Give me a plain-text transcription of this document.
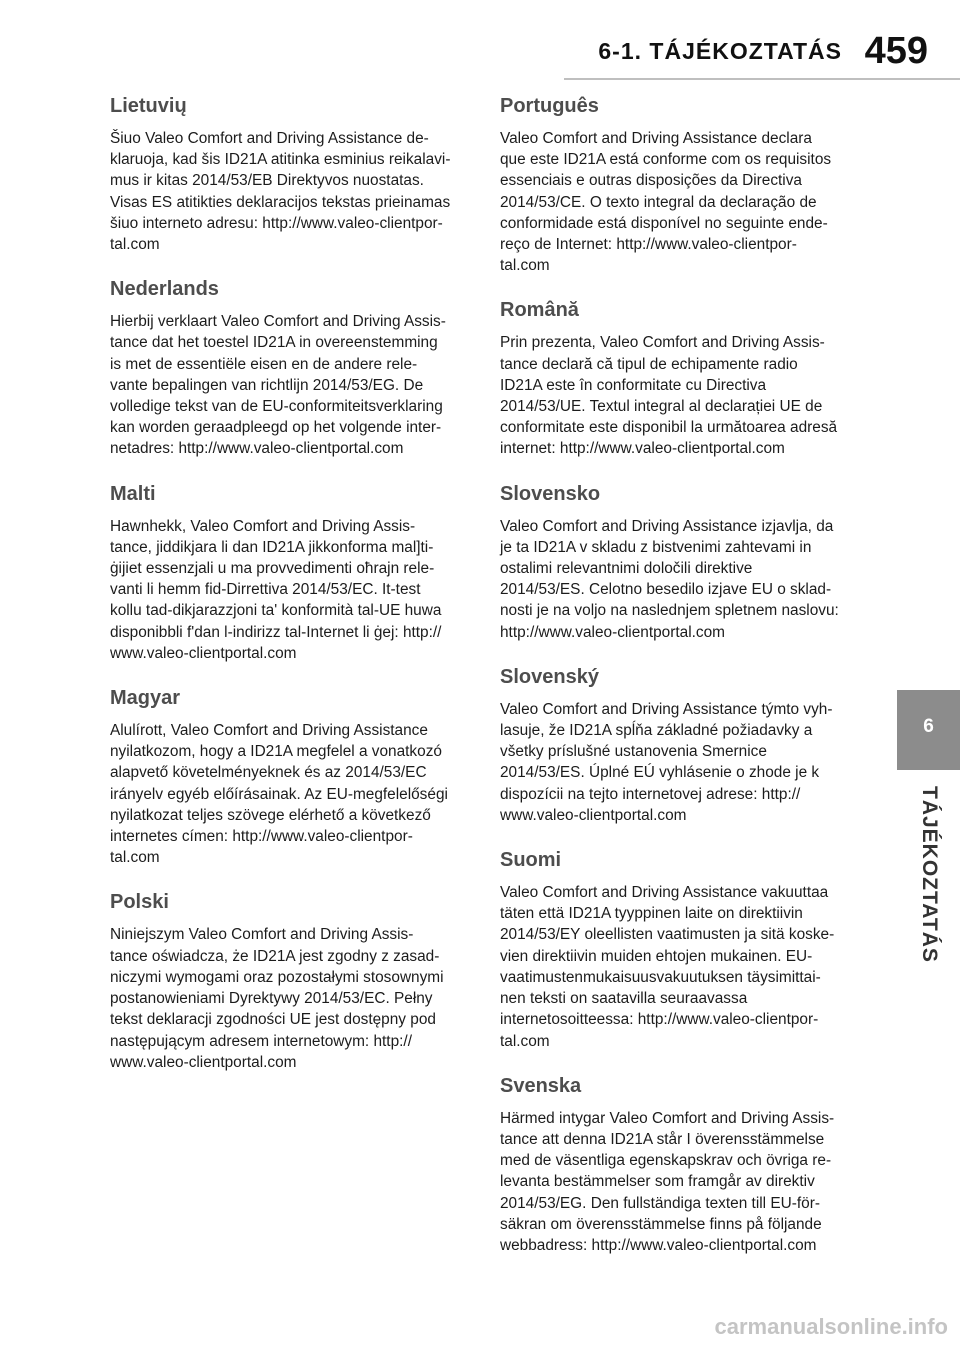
6-1. TÁJÉKOZTATÁS 459
Lietuvių
Šiuo Valeo Comfort and Driving Assistance de-
klaruoja, kad šis ID21A atitinka esminius reikalavi-
mus ir kitas 2014/53/EB Direktyvos nuostatas.
Visas ES atitikties deklaracijos tekstas prieinamas
šiuo interneto adresu: http://www.valeo-clientpor-
tal.com
Nederlands
Hierbij verklaart Valeo Comfort and Driving Assis-
tance dat het toestel ID21A in overeenstemming
is met de essentiële eisen en de andere rele-
vante bepalingen van richtlijn 2014/53/EG. De
volledige tekst van de EU-conformiteitsverklaring
kan worden geraadpleegd op het volgende inter-
netadres: http://www.valeo-clientportal.com
Malti
Hawnhekk, Valeo Comfort and Driving Assis-
tance, jiddikjara li dan ID21A jikkonforma mal]ti-
ġijiet essenzjali u ma provvedimenti oħrajn rele-
vanti li hemm fid-Dirrettiva 2014/53/EC. It-test
kollu tad-dikjarazzjoni ta' konformità tal-UE huwa
disponibbli f'dan l-indirizz tal-Internet li ġej: http://
www.valeo-clientportal.com
Magyar
Alulírott, Valeo Comfort and Driving Assistance
nyilatkozom, hogy a ID21A megfelel a vonatkozó
alapvető követelményeknek és az 2014/53/EC
irányelv egyéb előírásainak. Az EU-megfelelőségi
nyilatkozat teljes szövege elérhető a következő
internetes címen: http://www.valeo-clientpor-
tal.com
Polski
Niniejszym Valeo Comfort and Driving Assis-
tance oświadcza, że ID21A jest zgodny z zasad-
niczymi wymogami oraz pozostałymi stosownymi
postanowieniami Dyrektywy 2014/53/EC. Pełny
tekst deklaracji zgodności UE jest dostępny pod
następującym adresem internetowym: http://
www.valeo-clientportal.com
Português
Valeo Comfort and Driving Assistance declara
que este ID21A está conforme com os requisitos
essenciais e outras disposições da Directiva
2014/53/CE. O texto integral da declaração de
conformidade está disponível no seguinte ende-
reço de Internet: http://www.valeo-clientpor-
tal.com
Română
Prin prezenta, Valeo Comfort and Driving Assis-
tance declară că tipul de echipamente radio
ID21A este în conformitate cu Directiva
2014/53/UE. Textul integral al declarației UE de
conformitate este disponibil la următoarea adresă
internet: http://www.valeo-clientportal.com
Slovensko
Valeo Comfort and Driving Assistance izjavlja, da
je ta ID21A v skladu z bistvenimi zahtevami in
ostalimi relevantnimi določili direktive
2014/53/ES. Celotno besedilo izjave EU o sklad-
nosti je na voljo na naslednjem spletnem naslovu:
http://www.valeo-clientportal.com
Slovenský
Valeo Comfort and Driving Assistance týmto vyh-
lasuje, že ID21A spĺňa základné požiadavky a
všetky príslušné ustanovenia Smernice
2014/53/ES. Úplné EÚ vyhlásenie o zhode je k
dispozícii na tejto internetovej adrese: http://
www.valeo-clientportal.com
Suomi
Valeo Comfort and Driving Assistance vakuuttaa
täten että ID21A tyyppinen laite on direktiivin
2014/53/EY oleellisten vaatimusten ja sitä koske-
vien direktiivin muiden ehtojen mukainen. EU-
vaatimustenmukaisuusvakuutuksen täysimittai-
nen teksti on saatavilla seuraavassa
internetosoitteessa: http://www.valeo-clientpor-
tal.com
Svenska
Härmed intygar Valeo Comfort and Driving Assis-
tance att denna ID21A står I överensstämmelse
med de väsentliga egenskapskrav och övriga re-
levanta bestämmelser som framgår av direktiv
2014/53/EG. Den fullständiga texten till EU-för-
säkran om överensstämmelse finns på följande
webbadress: http://www.valeo-clientportal.com
6
TÁJÉKOZTATÁS
carmanualsonline.info
